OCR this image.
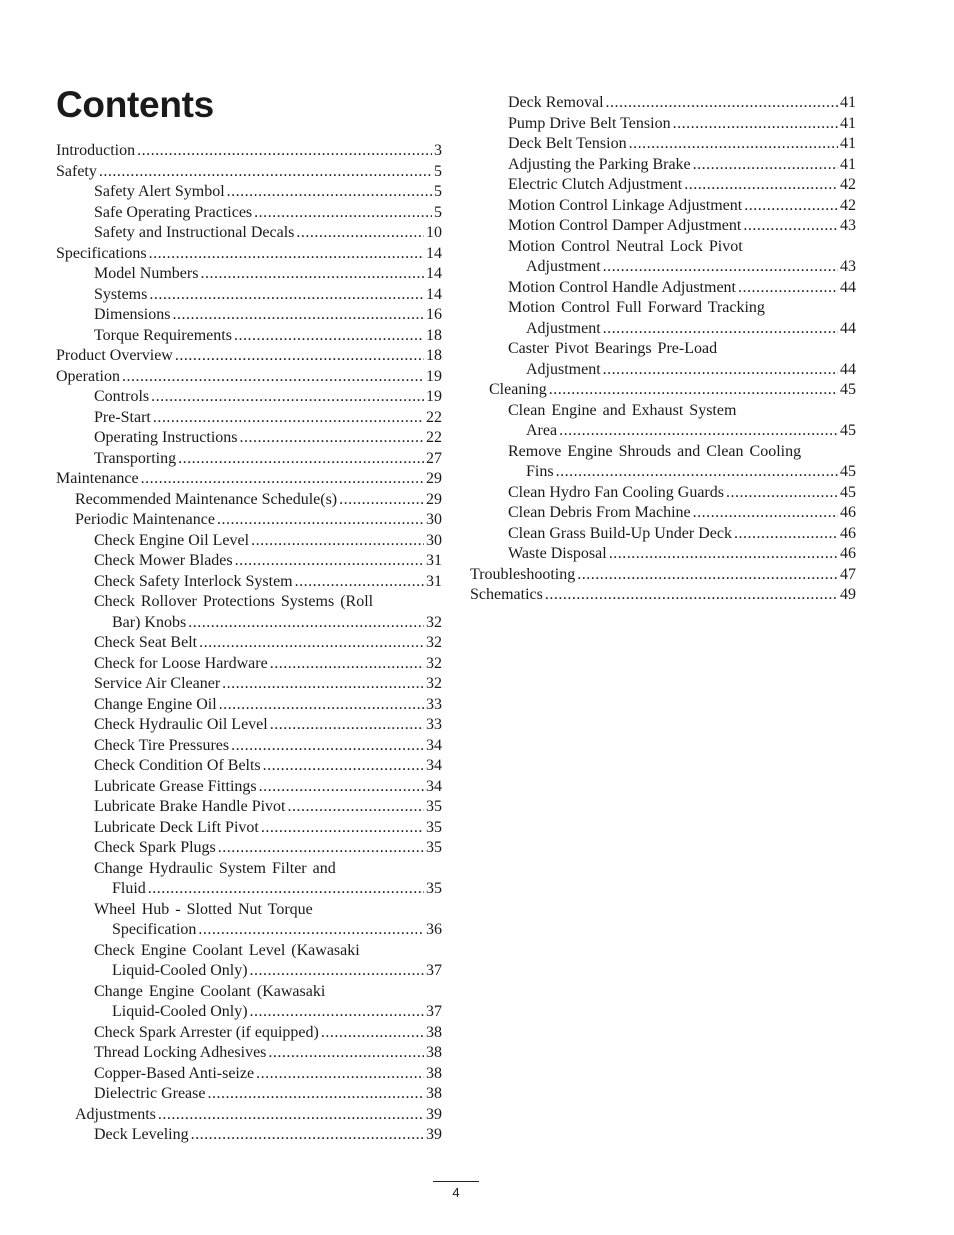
Contents
Introduction .....	3
Safety .....	5
Safety Alert Symbol .....	5
Safe Operating Practices .....	5
Safety and Instructional Decals .....	10
Specifications .....	14
Model Numbers .....	14
Systems .....	14
Dimensions .....	16
Torque Requirements .....	18
Product Overview .....	18
Operation .....	19
Controls .....	19
Pre-Start .....	22
Operating Instructions .....	22
Transporting .....	27
Maintenance .....	29
Recommended Maintenance Schedule(s) .....	29
Periodic Maintenance .....	30
Check Engine Oil Level .....	30
Check Mower Blades .....	31
Check Safety Interlock System .....	31
Check Rollover Protections Systems (Roll
Bar) Knobs .....	32
Check Seat Belt .....	32
Check for Loose Hardware .....	32
Service Air Cleaner .....	32
Change Engine Oil .....	33
Check Hydraulic Oil Level .....	33
Check Tire Pressures .....	34
Check Condition Of Belts .....	34
Lubricate Grease Fittings .....	34
Lubricate Brake Handle Pivot .....	35
Lubricate Deck Lift Pivot .....	35
Check Spark Plugs .....	35
Change Hydraulic System Filter and
Fluid .....	35
Wheel Hub - Slotted Nut Torque
Specification .....	36
Check Engine Coolant Level (Kawasaki
Liquid-Cooled Only) .....	37
Change Engine Coolant (Kawasaki
Liquid-Cooled Only) .....	37
Check Spark Arrester (if equipped) .....	38
Thread Locking Adhesives .....	38
Copper-Based Anti-seize .....	38
Dielectric Grease .....	38
Adjustments .....	39
Deck Leveling .....	39
Deck Removal .....	41
Pump Drive Belt Tension .....	41
Deck Belt Tension .....	41
Adjusting the Parking Brake .....	41
Electric Clutch Adjustment .....	42
Motion Control Linkage Adjustment .....	42
Motion Control Damper Adjustment .....	43
Motion Control Neutral Lock Pivot
Adjustment .....	43
Motion Control Handle Adjustment .....	44
Motion Control Full Forward Tracking
Adjustment .....	44
Caster Pivot Bearings Pre-Load
Adjustment .....	44
Cleaning .....	45
Clean Engine and Exhaust System
Area .....	45
Remove Engine Shrouds and Clean Cooling
Fins .....	45
Clean Hydro Fan Cooling Guards .....	45
Clean Debris From Machine .....	46
Clean Grass Build-Up Under Deck .....	46
Waste Disposal .....	46
Troubleshooting .....	47
Schematics .....	49
4
